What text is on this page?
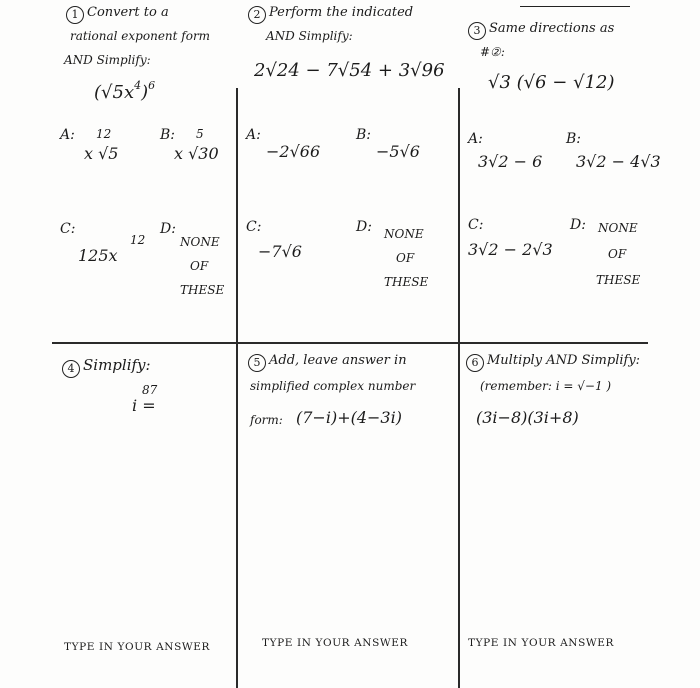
1 Convert to a
rational exponent form
AND Simplify:
$(√5x^4)^6$
A: 12
x √5
B: 5
x √30
C:
12
125x
D:
NONE
OF
THESE
2 Perform the indicated
AND Simplify:
2√24 − 7√54 + 3√96
A:
−2√66
B:
−5√6
C:
−7√6
D: NONE
OF
THESE
3 Same directions as
#②:
√3 (√6 − √12)
A:
3√2 − 6
B:
3√2 − 4√3
C:
3√2 − 2√3
D: NONE
OF
THESE
4 Simplify:
87
i =
5 Add, leave answer in
simplified complex number
form: (7−i)+(4−3i)
6 Multiply AND Simplify:
(remember: i = √−1 )
(3i−8)(3i+8)
TYPE IN YOUR ANSWER	TYPE IN YOUR ANSWER	TYPE IN YOUR ANSWER
